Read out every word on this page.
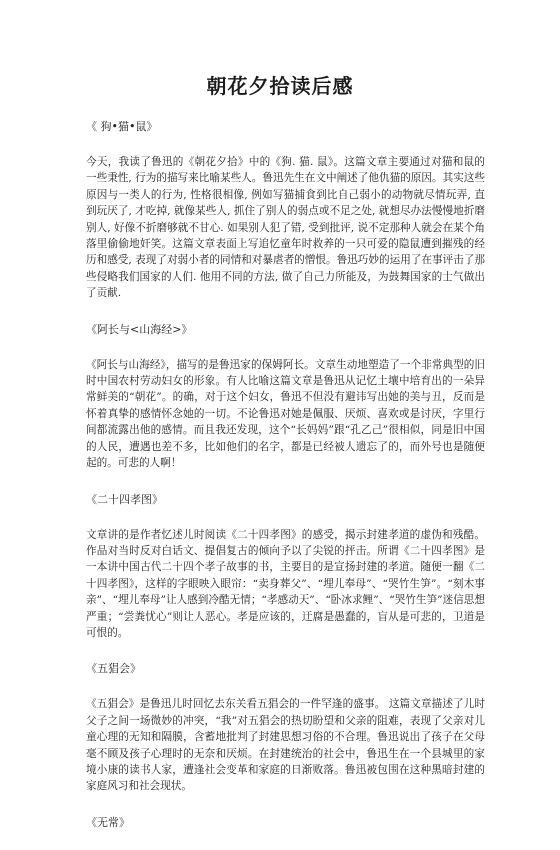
朝花夕拾读后感
《 狗•猫•鼠》
今天，我读了鲁迅的《朝花夕拾》中的《狗. 猫. 鼠》。这篇文章主要通过对猫和鼠的一些秉性, 行为的描写来比喻某些人。鲁迅先生在文中阐述了他仇猫的原因。其实这些原因与一类人的行为, 性格很相像, 例如写猫捕食到比自己弱小的动物就尽情玩弄, 直到玩厌了, 才吃掉, 就像某些人, 抓住了别人的弱点或不足之处, 就想尽办法慢慢地折磨别人, 好像不折磨够就不甘心. 如果别人犯了错, 受到批评, 说不定那种人就会在某个角落里偷偷地奸笑。这篇文章表面上写追忆童年时救养的一只可爱的隐鼠遭到摧残的经历和感受, 表现了对弱小者的同情和对暴虐者的憎恨。鲁迅巧妙的运用了在事评击了那些侵略我们国家的人们. 他用不同的方法, 做了自己力所能及，为鼓舞国家的士气做出了贡献.
《阿长与<山海经>》
《阿长与山海经》，描写的是鲁迅家的保姆阿长。文章生动地塑造了一个非常典型的旧时中国农村劳动妇女的形象。有人比喻这篇文章是鲁迅从记忆土壤中培育出的一朵异常鲜美的“朝花”。的确，对于这个妇女，鲁迅不但没有避讳写出她的美与丑，反而是怀着真挚的感情怀念她的一切。不论鲁迅对她是佩服、厌烦、喜欢或是讨厌，字里行间都流露出他的感情。而且我还发现，这个“长妈妈”跟“孔乙己”很相似，同是旧中国的人民，遭遇也差不多，比如他们的名字，都是已经被人遗忘了的，而外号也是随便起的。可悲的人啊！
《二十四孝图》
文章讲的是作者忆述儿时阅读《二十四孝图》的感受，揭示封建孝道的虚伪和残酷。作品对当时反对白话文、提倡复古的倾向予以了尖锐的抨击。所谓《二十四孝图》是一本讲中国古代二十四个孝子故事的书，主要目的是宣扬封建的孝道。随便一翻《二十四孝图》，这样的字眼映入眼帘：“卖身葬父”、“埋儿奉母”、“哭竹生笋”。“刻木事亲”、“埋儿奉母”让人感到冷酷无情；“孝感动天”、“卧冰求鲤”、“哭竹生笋”迷信思想严重；“尝粪忧心”则让人恶心。孝是应该的，迂腐是愚蠢的，盲从是可悲的，卫道是可恨的。
《五猖会》
《五猖会》是鲁迅儿时回忆去东关看五猖会的一件罕逢的盛事。 这篇文章描述了儿时父子之间一场微妙的冲突，“我”对五猖会的热切盼望和父亲的阻难，表现了父亲对儿童心理的无知和隔膜，含蓄地批判了封建思想习俗的不合理。鲁迅说出了孩子在父母毫不顾及孩子心理时的无奈和厌烦。在封建统治的社会中，鲁迅生在一个县城里的家境小康的读书人家，遭逢社会变革和家庭的日渐败落。鲁迅被包围在这种黑暗封建的家庭风习和社会现状。
《无常》
